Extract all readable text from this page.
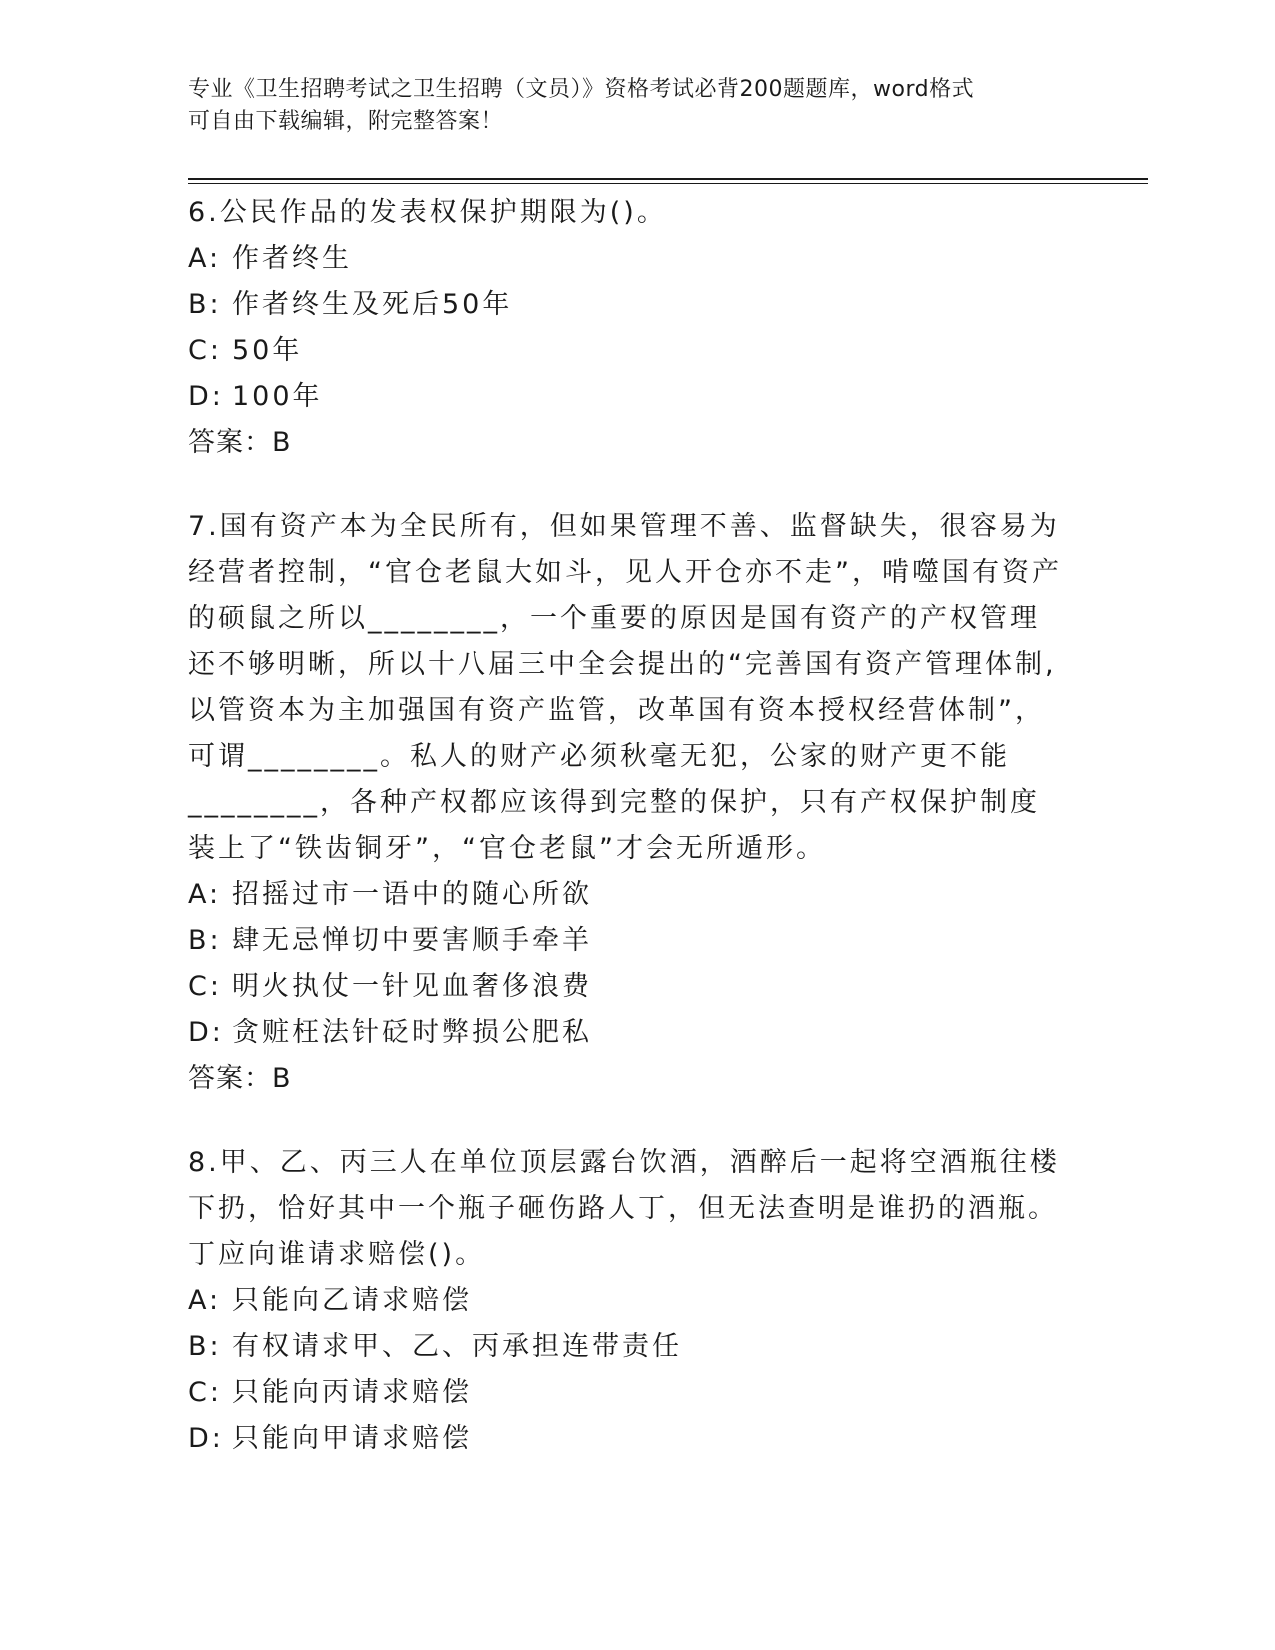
专业《卫生招聘考试之卫生招聘（文员）》资格考试必背200题题库，word格式
可自由下载编辑，附完整答案！

6.公民作品的发表权保护期限为()。

A: 作者终生
B: 作者终生及死后50年
C: 50年
D: 100年
答案：B

7.国有资产本为全民所有，但如果管理不善、监督缺失，很容易为经营者控制，“官仓老鼠大如斗，见人开仓亦不走”，啃噬国有资产的硕鼠之所以________，一个重要的原因是国有资产的产权管理还不够明晰，所以十八届三中全会提出的“完善国有资产管理体制,以管资本为主加强国有资产监管，改革国有资本授权经营体制”，可谓________。私人的财产必须秋毫无犯，公家的财产更不能________，各种产权都应该得到完整的保护，只有产权保护制度装上了“铁齿铜牙”，“官仓老鼠”才会无所遁形。

A: 招摇过市一语中的随心所欲
B: 肆无忌惮切中要害顺手牵羊
C: 明火执仗一针见血奢侈浪费
D: 贪赃枉法针砭时弊损公肥私
答案：B

8.甲、乙、丙三人在单位顶层露台饮酒，酒醉后一起将空酒瓶往楼下扔，恰好其中一个瓶子砸伤路人丁，但无法查明是谁扔的酒瓶。丁应向谁请求赔偿()。

A: 只能向乙请求赔偿
B: 有权请求甲、乙、丙承担连带责任
C: 只能向丙请求赔偿
D: 只能向甲请求赔偿
